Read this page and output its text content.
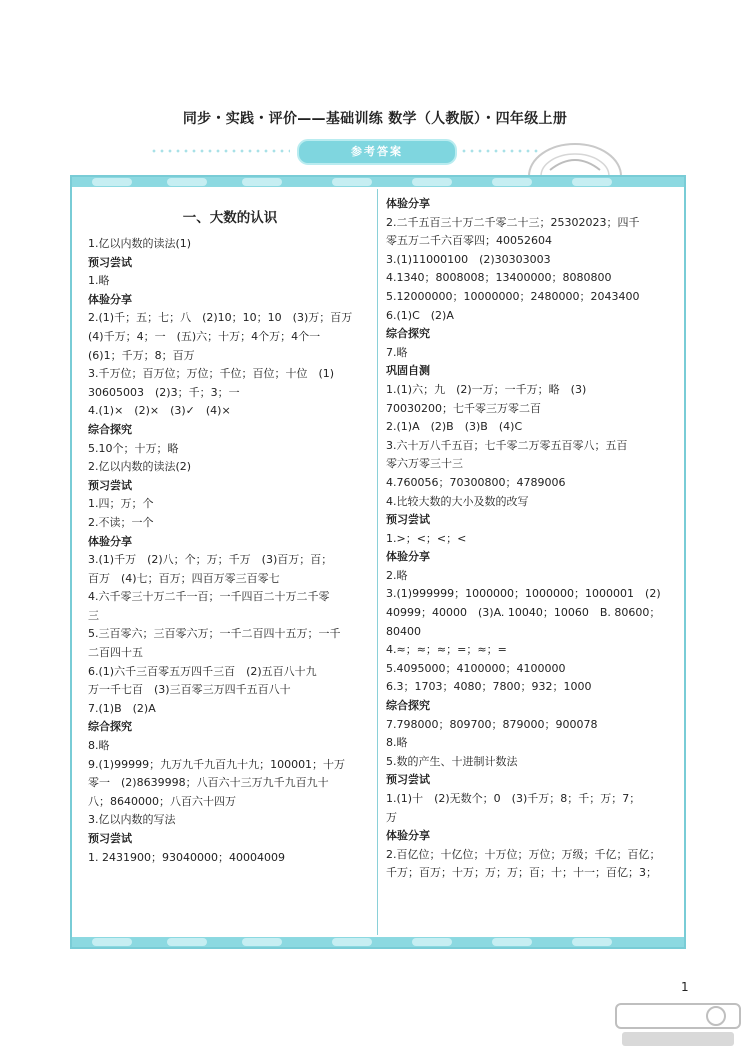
同步・实践・评价——基础训练 数学（人教版）・四年级上册
参考答案
一、大数的认识
1.亿以内数的读法(1)
预习尝试
1.略
体验分享
2.(1)千；五；七；八　(2)10；10；10　(3)万；百万
(4)千万；4；一　(五)六；十万；4个万；4个一
(6)1；千万；8；百万
3.千万位；百万位；万位；千位；百位；十位　(1)
30605003　(2)3；千；3；一
4.(1)×　(2)×　(3)✓　(4)×
综合探究
5.10个；十万；略
2.亿以内数的读法(2)
预习尝试
1.四；万；个
2.不读；一个
体验分享
3.(1)千万　(2)八；个；万；千万　(3)百万；百；
百万　(4)七；百万；四百万零三百零七
4.六千零三十万二千一百；一千四百二十万二千零
三
5.三百零六；三百零六万；一千二百四十五万；一千
二百四十五
6.(1)六千三百零五万四千三百　(2)五百八十九
万一千七百　(3)三百零三万四千五百八十
7.(1)B　(2)A
综合探究
8.略
9.(1)99999；九万九千九百九十九；100001；十万
零一　(2)8639998；八百六十三万九千九百九十
八；8640000；八百六十四万
3.亿以内数的写法
预习尝试
1. 2431900；93040000；40004009
体验分享
2.二千五百三十万二千零二十三；25302023；四千
零五万二千六百零四；40052604
3.(1)11000100　(2)30303003
4.1340；8008008；13400000；8080800
5.12000000；10000000；2480000；2043400
6.(1)C　(2)A
综合探究
7.略
巩固自测
1.(1)六；九　(2)一万；一千万；略　(3)
70030200；七千零三万零二百
2.(1)A　(2)B　(3)B　(4)C
3.六十万八千五百；七千零二万零五百零八；五百
零六万零三十三
4.760056；70300800；4789006
4.比较大数的大小及数的改写
预习尝试
1.>；<；<；<
体验分享
2.略
3.(1)999999；1000000；1000000；1000001　(2)
40999；40000　(3)A. 10040；10060　B. 80600；
80400
4.≈；≈；≈；=；≈；=
5.4095000；4100000；4100000
6.3；1703；4080；7800；932；1000
综合探究
7.798000；809700；879000；900078
8.略
5.数的产生、十进制计数法
预习尝试
1.(1)十　(2)无数个；0　(3)千万；8；千；万；7；
万
体验分享
2.百亿位；十亿位；十万位；万位；万级；千亿；百亿；
千万；百万；十万；万；万；百；十；十一；百亿；3；
1
